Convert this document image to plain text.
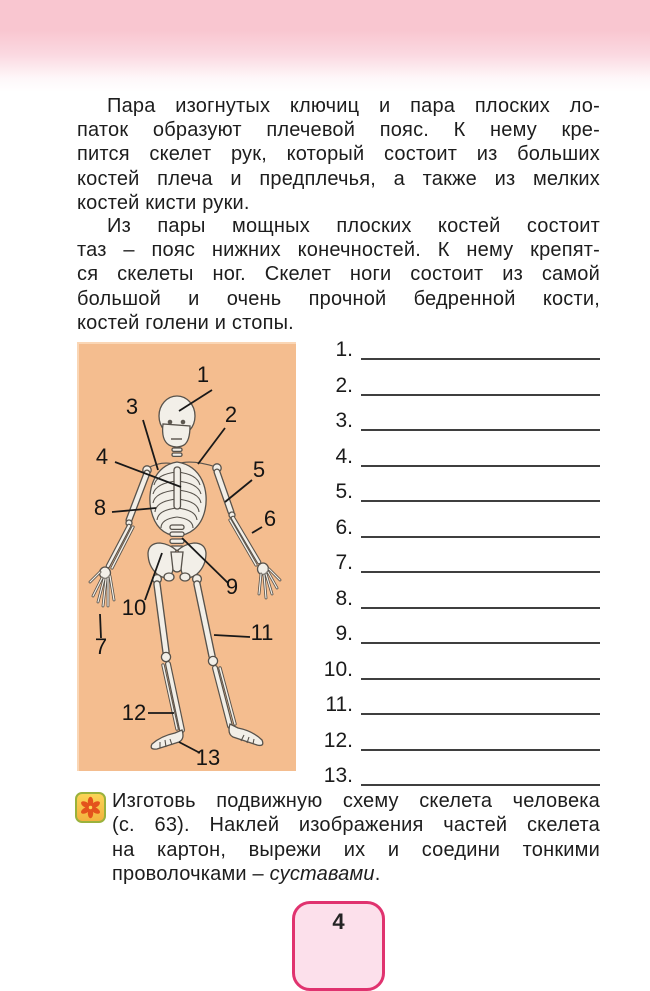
Пара изогнутых ключиц и пара плоских ло-
паток образуют плечевой пояс. К нему кре-
пится скелет рук, который состоит из больших
костей плеча и предплечья, а также из мелких
костей кисти руки.
Из пары мощных плоских костей состоит
таз – пояс нижних конечностей. К нему крепят-
ся скелеты ног. Скелет ноги состоит из самой
большой и очень прочной бедренной кости,
костей голени и стопы.
1
2
3
4
5
6
7
8
9
10
11
12
13
1.
2.
3.
4.
5.
6.
7.
8.
9.
10.
11.
12.
13.
Изготовь подвижную схему скелета человека
(с. 63). Наклей изображения частей скелета
на картон, вырежи их и соедини тонкими
проволочками – суставами.
4
